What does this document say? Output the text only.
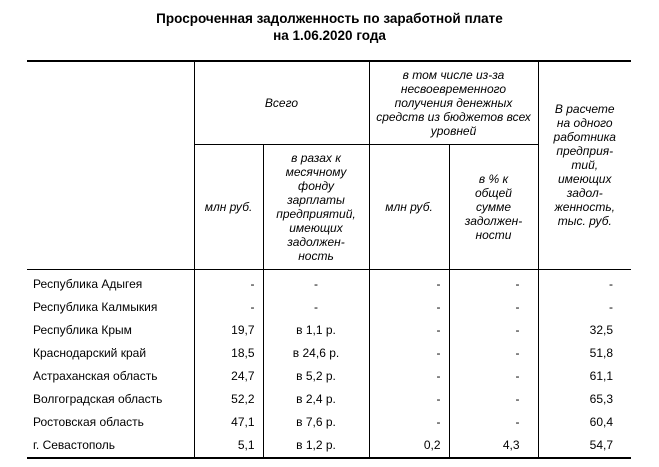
Просроченная задолженность по заработной плате
на 1.06.2020 года
	Всего		в том числе из-за несвоевременного получения денежных средств из бюджетов всех уровней		В расчете на одного работника предприя-тий, имеющих задол-женность, тыс. руб.

	млн руб.	в разах к месячному фонду зарплаты предприятий, имеющих задолжен-ность	млн руб.	в % к общей сумме задолжен-ности	

Республика Адыгея	-	-	-	-	-
Республика Калмыкия	-	-	-	-	-
Республика Крым	19,7	в 1,1 р.	-	-	32,5
Краснодарский край	18,5	в 24,6 р.	-	-	51,8
Астраханская область	24,7	в 5,2 р.	-	-	61,1
Волгоградская область	52,2	в 2,4 р.	-	-	65,3
Ростовская область	47,1	в 7,6 р.	-	-	60,4
г. Севастополь	5,1	в 1,2 р.	0,2	4,3	54,7
